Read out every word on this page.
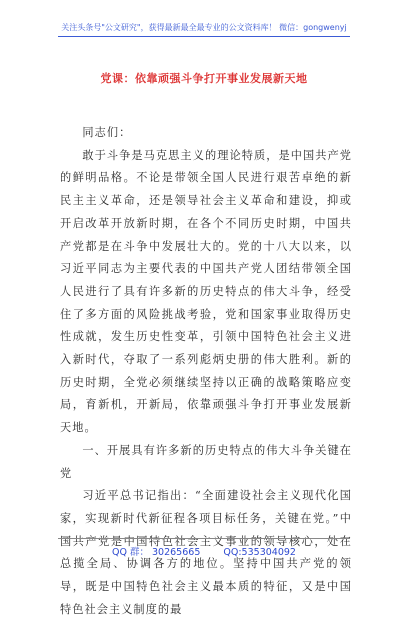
关注头条号"公文研究"，获得最新最全最专业的公文资料库！ 微信：gongwenyj
党课：依靠顽强斗争打开事业发展新天地

同志们：

敢于斗争是马克思主义的理论特质，是中国共产党的鲜明品格。不论是带领全国人民进行艰苦卓绝的新民主主义革命，还是领导社会主义革命和建设，抑或开启改革开放新时期，在各个不同历史时期，中国共产党都是在斗争中发展壮大的。党的十八大以来，以习近平同志为主要代表的中国共产党人团结带领全国人民进行了具有许多新的历史特点的伟大斗争，经受住了多方面的风险挑战考验，党和国家事业取得历史性成就，发生历史性变革，引领中国特色社会主义进入新时代，夺取了一系列彪炳史册的伟大胜利。新的历史时期，全党必须继续坚持以正确的战略策略应变局，育新机，开新局，依靠顽强斗争打开事业发展新天地。

一、开展具有许多新的历史特点的伟大斗争关键在党

习近平总书记指出：“全面建设社会主义现代化国家，实现新时代新征程各项目标任务，关键在党。”中国共产党是中国特色社会主义事业的领导核心，处在总揽全局、协调各方的地位。坚持中国共产党的领导，既是中国特色社会主义最本质的特征，又是中国特色社会主义制度的最

QQ 群： 30265665 QQ:535304092
